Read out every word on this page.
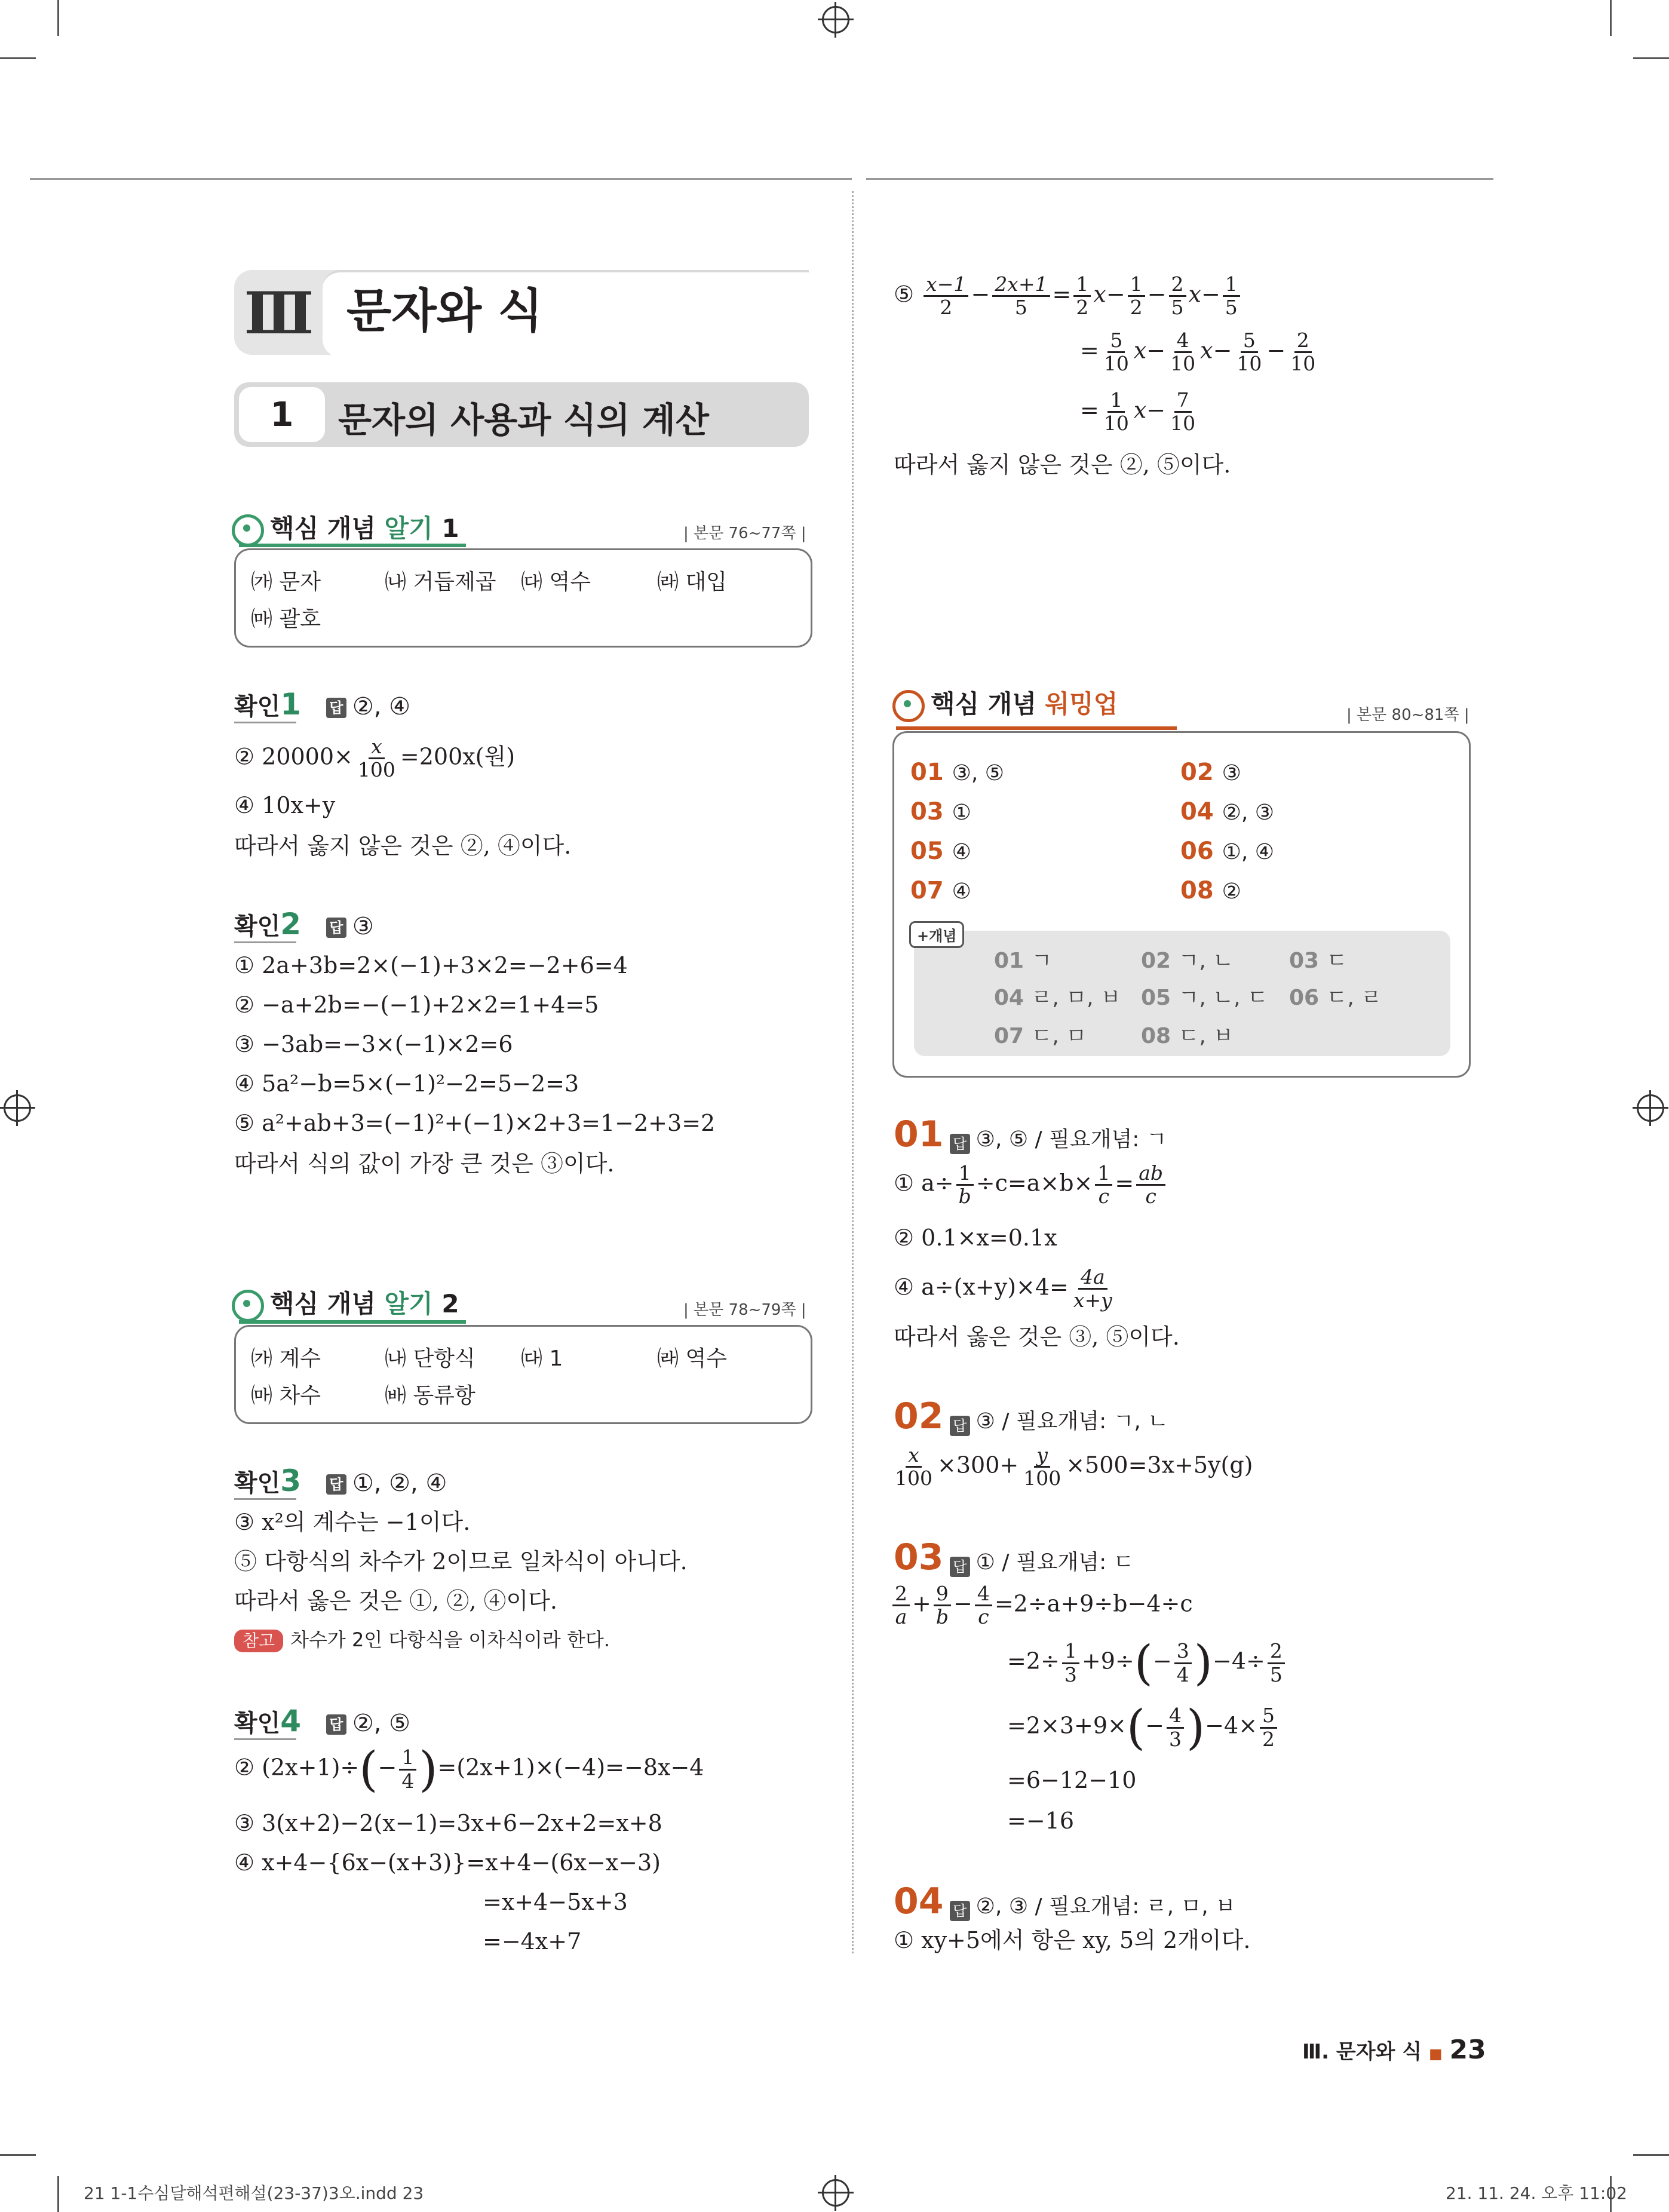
Ⅲ 문자와 식
1	문자의 사용과 식의 계산
핵심 개념 알기 1	| 본문 76~77쪽 |
㈎ 문자	㈏ 거듭제곱 ㈐ 역수	㈑ 대입
㈒ 괄호
확인1 답 ②, ④
② $20000\times \frac{x}{100} =200x$(원)
④ 10x+y
따라서 옳지 않은 것은 ②, ④이다.
확인2 답 ③
① 2a+3b=2×(−1)+3×2=−2+6=4
② −a+2b=−(−1)+2×2=1+4=5
③ −3ab=−3×(−1)×2=6
④ 5a²−b=5×(−1)²−2=5−2=3
⑤ a²+ab+3=(−1)²+(−1)×2+3=1−2+3=2
따라서 식의 값이 가장 큰 것은 ③이다.
핵심 개념 알기 2	| 본문 78~79쪽 |
㈎ 계수	㈏ 단항식 ㈐ 1	㈑ 역수
㈒ 차수	㈓ 동류항
확인3 답 ①, ②, ④
③ x²의 계수는 −1이다.
⑤ 다항식의 차수가 2이므로 일차식이 아니다.
따라서 옳은 것은 ①, ②, ④이다.
참고 차수가 2인 다항식을 이차식이라 한다.
확인4 답 ②, ⑤
② $(2x+1)\div(- \frac{1}{4} )=(2x+1)\times(-4)=-8x-4$
③ 3(x+2)−2(x−1)=3x+6−2x+2=x+8
④ x+4−{6x−(x+3)}=x+4−(6x−x−3)
=x+4−5x+3
=−4x+7
⑤ $\frac{x-1}{2} - \frac{2x+1}{5} = \frac{1}{2} x- \frac{1}{2} - \frac{2}{5} x- \frac{1}{5}$
= $\frac{5}{10} x- \frac{4}{10} x- \frac{5}{10} - \frac{2}{10}$
= $\frac{1}{10} x- \frac{7}{10}$
따라서 옳지 않은 것은 ②, ⑤이다.
핵심 개념 워밍업	| 본문 80~81쪽 |
01 ③, ⑤	02 ③
03 ①	04 ②, ③
05 ④	06 ①, ④
07 ④	08 ②
+개념
01 ㄱ	02 ㄱ, ㄴ	03 ㄷ
04 ㄹ, ㅁ, ㅂ 05 ㄱ, ㄴ, ㄷ 06 ㄷ, ㄹ
07 ㄷ, ㅁ	08 ㄷ, ㅂ
01 답 ③, ⑤ / 필요개념: ㄱ
① $a\div \frac{1}{b} \div c=a\times b\times \frac{1}{c} = \frac{ab}{c}$
② 0.1×x=0.1x
④ $a\div(x+y)\times 4= \frac{4a}{x+y}$
따라서 옳은 것은 ③, ⑤이다.
02 답 ③ / 필요개념: ㄱ, ㄴ
$\frac{x}{100} \times 300+ \frac{y}{100} \times 500=3x+5y(g)$
03 답 ① / 필요개념: ㄷ
$\frac{2}{a} + \frac{9}{b} - \frac{4}{c} =2\div a+9\div b-4\div c$
$=2\div \frac{1}{3} +9\div(- \frac{3}{4} )-4\div \frac{2}{5}$
$=2\times 3+9\times(- \frac{4}{3} )-4\times \frac{5}{2}$
=6−12−10
=−16
04 답 ②, ③ / 필요개념: ㄹ, ㅁ, ㅂ
① xy+5에서 항은 xy, 5의 2개이다.
Ⅲ. 문자와 식 ■ 23
21 1-1수심달해석편해설(23-37)3오.indd 23	21. 11. 24. 오후 11:02
